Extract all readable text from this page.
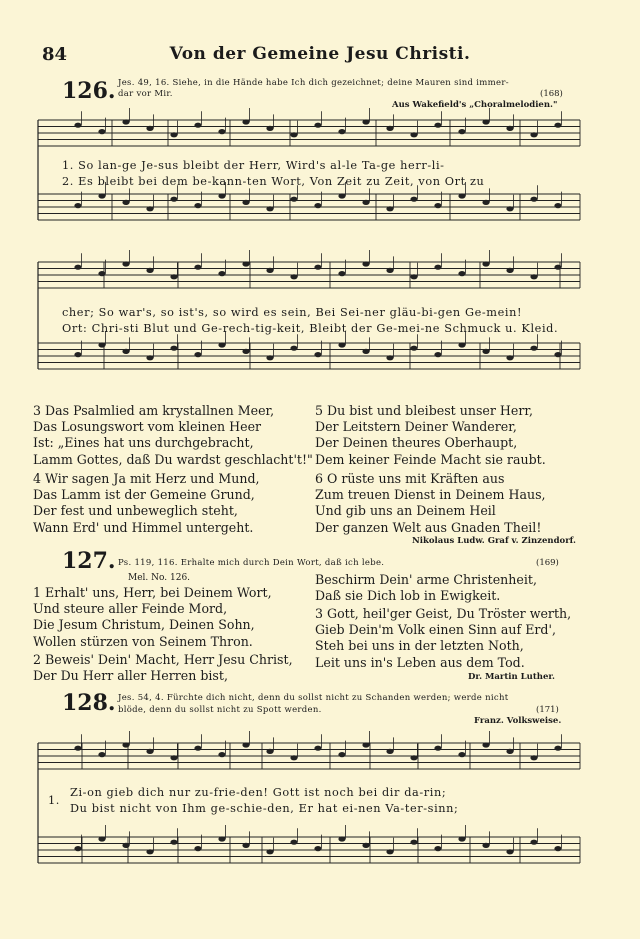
84	Von der Gemeine Jesu Christi.
126. Jes. 49, 16. Siehe, in die Hände habe Ich dich gezeichnet; deine Mauren sind immer-
dar vor Mir.	(168)
Aus Wakefield's „Choralmelodien."
1. So lan-ge Je-sus bleibt der Herr, Wird's al-le Ta-ge herr-li-
2. Es bleibt bei dem be-kann-ten Wort, Von Zeit zu Zeit, von Ort zu
cher; So war's, so ist's, so wird es sein, Bei Sei-ner gläu-bi-gen Ge-mein!
Ort: Chri-sti Blut und Ge-rech-tig-keit, Bleibt der Ge-mei-ne Schmuck u. Kleid.
3 Das Psalmlied am krystallnen Meer,
Das Losungswort vom kleinen Heer
Ist: „Eines hat uns durchgebracht,
Lamm Gottes, daß Du wardst geschlacht't!"
4 Wir sagen Ja mit Herz und Mund,
Das Lamm ist der Gemeine Grund,
Der fest und unbeweglich steht,
Wann Erd' und Himmel untergeht.
5 Du bist und bleibest unser Herr,
Der Leitstern Deiner Wanderer,
Der Deinen theures Oberhaupt,
Dem keiner Feinde Macht sie raubt.
6 O rüste uns mit Kräften aus
Zum treuen Dienst in Deinem Haus,
Und gib uns an Deinem Heil
Der ganzen Welt aus Gnaden Theil!
Nikolaus Ludw. Graf v. Zinzendorf.
127. Ps. 119, 116. Erhalte mich durch Dein Wort, daß ich lebe.	(169)
Mel. No. 126.
1 Erhalt' uns, Herr, bei Deinem Wort,
Und steure aller Feinde Mord,
Die Jesum Christum, Deinen Sohn,
Wollen stürzen von Seinem Thron.
2 Beweis' Dein' Macht, Herr Jesu Christ,
Der Du Herr aller Herren bist,
Beschirm Dein' arme Christenheit,
Daß sie Dich lob in Ewigkeit.
3 Gott, heil'ger Geist, Du Tröster werth,
Gieb Dein'm Volk einen Sinn auf Erd',
Steh bei uns in der letzten Noth,
Leit uns in's Leben aus dem Tod.
Dr. Martin Luther.
128. Jes. 54, 4. Fürchte dich nicht, denn du sollst nicht zu Schanden werden; werde nicht
blöde, denn du sollst nicht zu Spott werden.	(171)
Franz. Volksweise.
1.
Zi-on gieb dich nur zu-frie-den! Gott ist noch bei dir da-rin;
Du bist nicht von Ihm ge-schie-den, Er hat ei-nen Va-ter-sinn;
